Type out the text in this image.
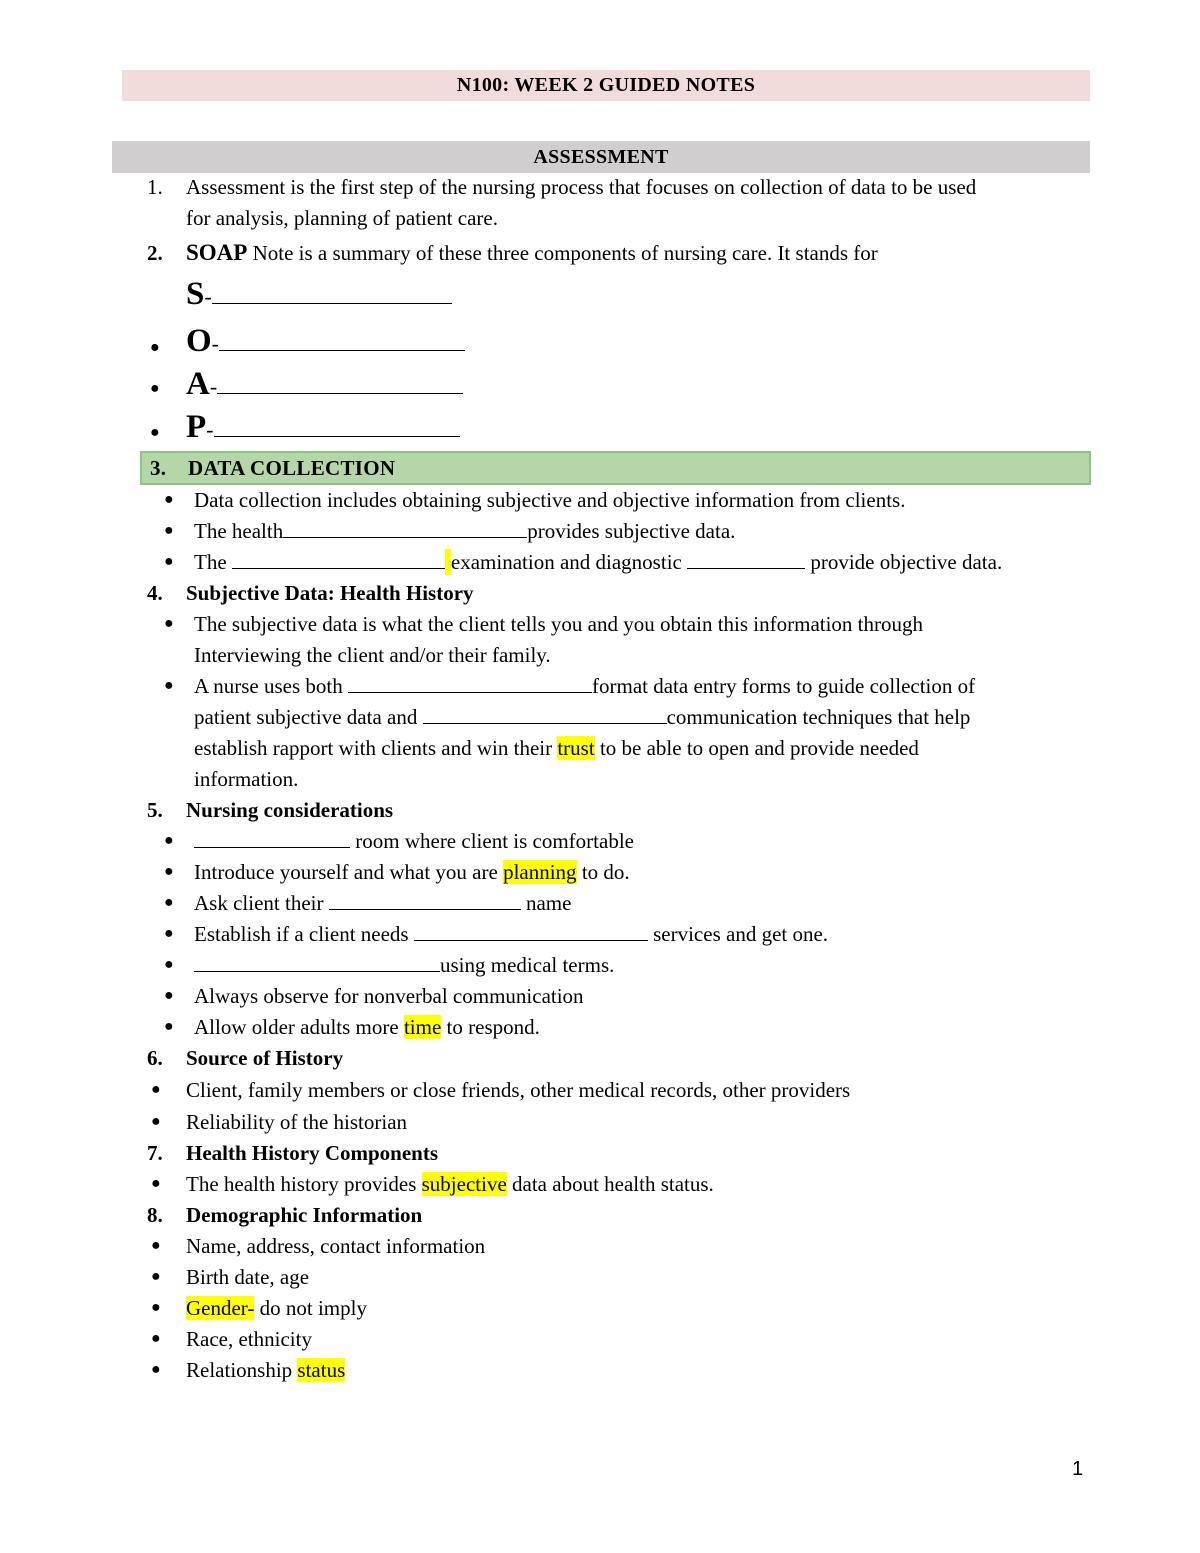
N100: WEEK 2 GUIDED NOTES
ASSESSMENT
1. Assessment is the first step of the nursing process that focuses on collection of data to be used
for analysis, planning of patient care.
2. SOAP Note is a summary of these three components of nursing care. It stands for
●
S-
●
O-
●
A-
●
P-
3.	DATA COLLECTION
●
Data collection includes obtaining subjective and objective information from clients.
●
The health	provides subjective data.
●
The	examination and diagnostic	provide objective data.
4. Subjective Data: Health History
●
The subjective data is what the client tells you and you obtain this information through
Interviewing the client and/or their family.
●
A nurse uses both	format data entry forms to guide collection of
patient subjective data and	communication techniques that help
establish rapport with clients and win their trust to be able to open and provide needed
information.
5. Nursing considerations
●
room where client is comfortable
●
Introduce yourself and what you are planning to do.
●
Ask client their	name
●
Establish if a client needs	services and get one.
●
using medical terms.
●
Always observe for nonverbal communication
●
Allow older adults more time to respond.
6. Source of History
●
Client, family members or close friends, other medical records, other providers
●
Reliability of the historian
7. Health History Components
●
The health history provides subjective data about health status.
8. Demographic Information
●
Name, address, contact information
●
Birth date, age
●
Gender- do not imply
●
Race, ethnicity
●
Relationship status
1
